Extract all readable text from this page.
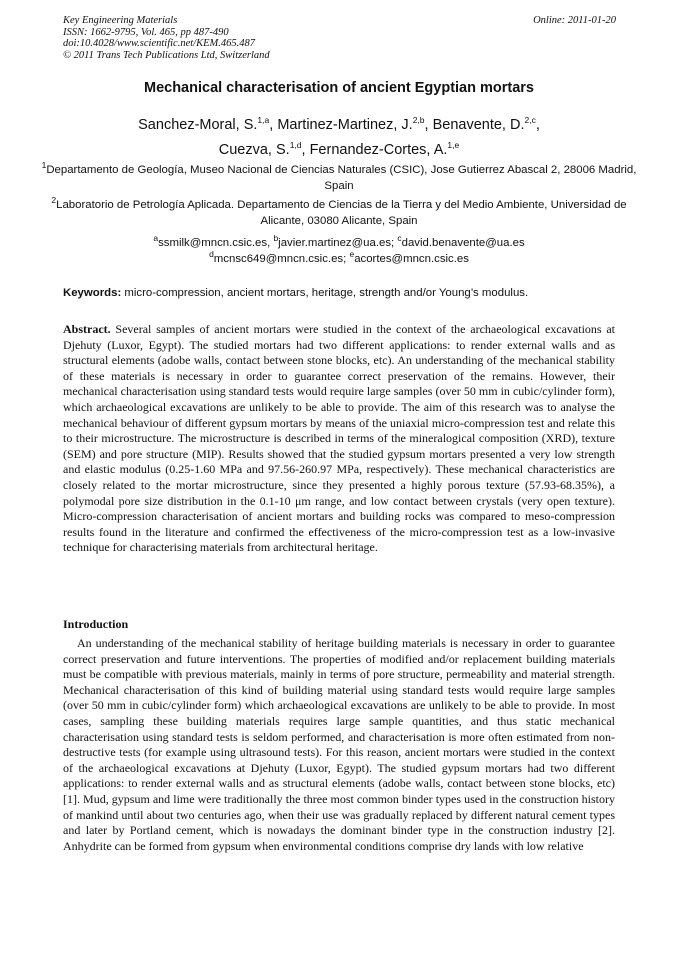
Key Engineering Materials
ISSN: 1662-9795, Vol. 465, pp 487-490
doi:10.4028/www.scientific.net/KEM.465.487
© 2011 Trans Tech Publications Ltd, Switzerland
Online: 2011-01-20
Mechanical characterisation of ancient Egyptian mortars
Sanchez-Moral, S.$^{1,a}$, Martinez-Martinez, J.$^{2,b}$, Benavente, D.$^{2,c}$,
Cuezva, S.$^{1,d}$, Fernandez-Cortes, A.$^{1,e}$
$^1$Departamento de Geología, Museo Nacional de Ciencias Naturales (CSIC), Jose Gutierrez Abascal 2, 28006 Madrid, Spain
$^2$Laboratorio de Petrología Aplicada. Departamento de Ciencias de la Tierra y del Medio Ambiente, Universidad de Alicante, 03080 Alicante, Spain
$^a$ssmilk@mncn.csic.es, $^b$javier.martinez@ua.es; $^c$david.benavente@ua.es
$^d$mcnsc649@mncn.csic.es; $^e$acortes@mncn.csic.es
Keywords: micro-compression, ancient mortars, heritage, strength and/or Young’s modulus.
Abstract. Several samples of ancient mortars were studied in the context of the archaeological excavations at Djehuty (Luxor, Egypt). The studied mortars had two different applications: to render external walls and as structural elements (adobe walls, contact between stone blocks, etc). An understanding of the mechanical stability of these materials is necessary in order to guarantee correct preservation of the remains. However, their mechanical characterisation using standard tests would require large samples (over 50 mm in cubic/cylinder form), which archaeological excavations are unlikely to be able to provide. The aim of this research was to analyse the mechanical behaviour of different gypsum mortars by means of the uniaxial micro-compression test and relate this to their microstructure. The microstructure is described in terms of the mineralogical composition (XRD), texture (SEM) and pore structure (MIP). Results showed that the studied gypsum mortars presented a very low strength and elastic modulus (0.25-1.60 MPa and 97.56-260.97 MPa, respectively). These mechanical characteristics are closely related to the mortar microstructure, since they presented a highly porous texture (57.93-68.35%), a polymodal pore size distribution in the 0.1-10 μm range, and low contact between crystals (very open texture). Micro-compression characterisation of ancient mortars and building rocks was compared to meso-compression results found in the literature and confirmed the effectiveness of the micro-compression test as a low-invasive technique for characterising materials from architectural heritage.
Introduction
An understanding of the mechanical stability of heritage building materials is necessary in order to guarantee correct preservation and future interventions. The properties of modified and/or replacement building materials must be compatible with previous materials, mainly in terms of pore structure, permeability and material strength. Mechanical characterisation of this kind of building material using standard tests would require large samples (over 50 mm in cubic/cylinder form) which archaeological excavations are unlikely to be able to provide. In most cases, sampling these building materials requires large sample quantities, and thus static mechanical characterisation using standard tests is seldom performed, and characterisation is more often estimated from non-destructive tests (for example using ultrasound tests). For this reason, ancient mortars were studied in the context of the archaeological excavations at Djehuty (Luxor, Egypt). The studied gypsum mortars had two different applications: to render external walls and as structural elements (adobe walls, contact between stone blocks, etc) [1]. Mud, gypsum and lime were traditionally the three most common binder types used in the construction history of mankind until about two centuries ago, when their use was gradually replaced by different natural cement types and later by Portland cement, which is nowadays the dominant binder type in the construction industry [2]. Anhydrite can be formed from gypsum when environmental conditions comprise dry lands with low relative
